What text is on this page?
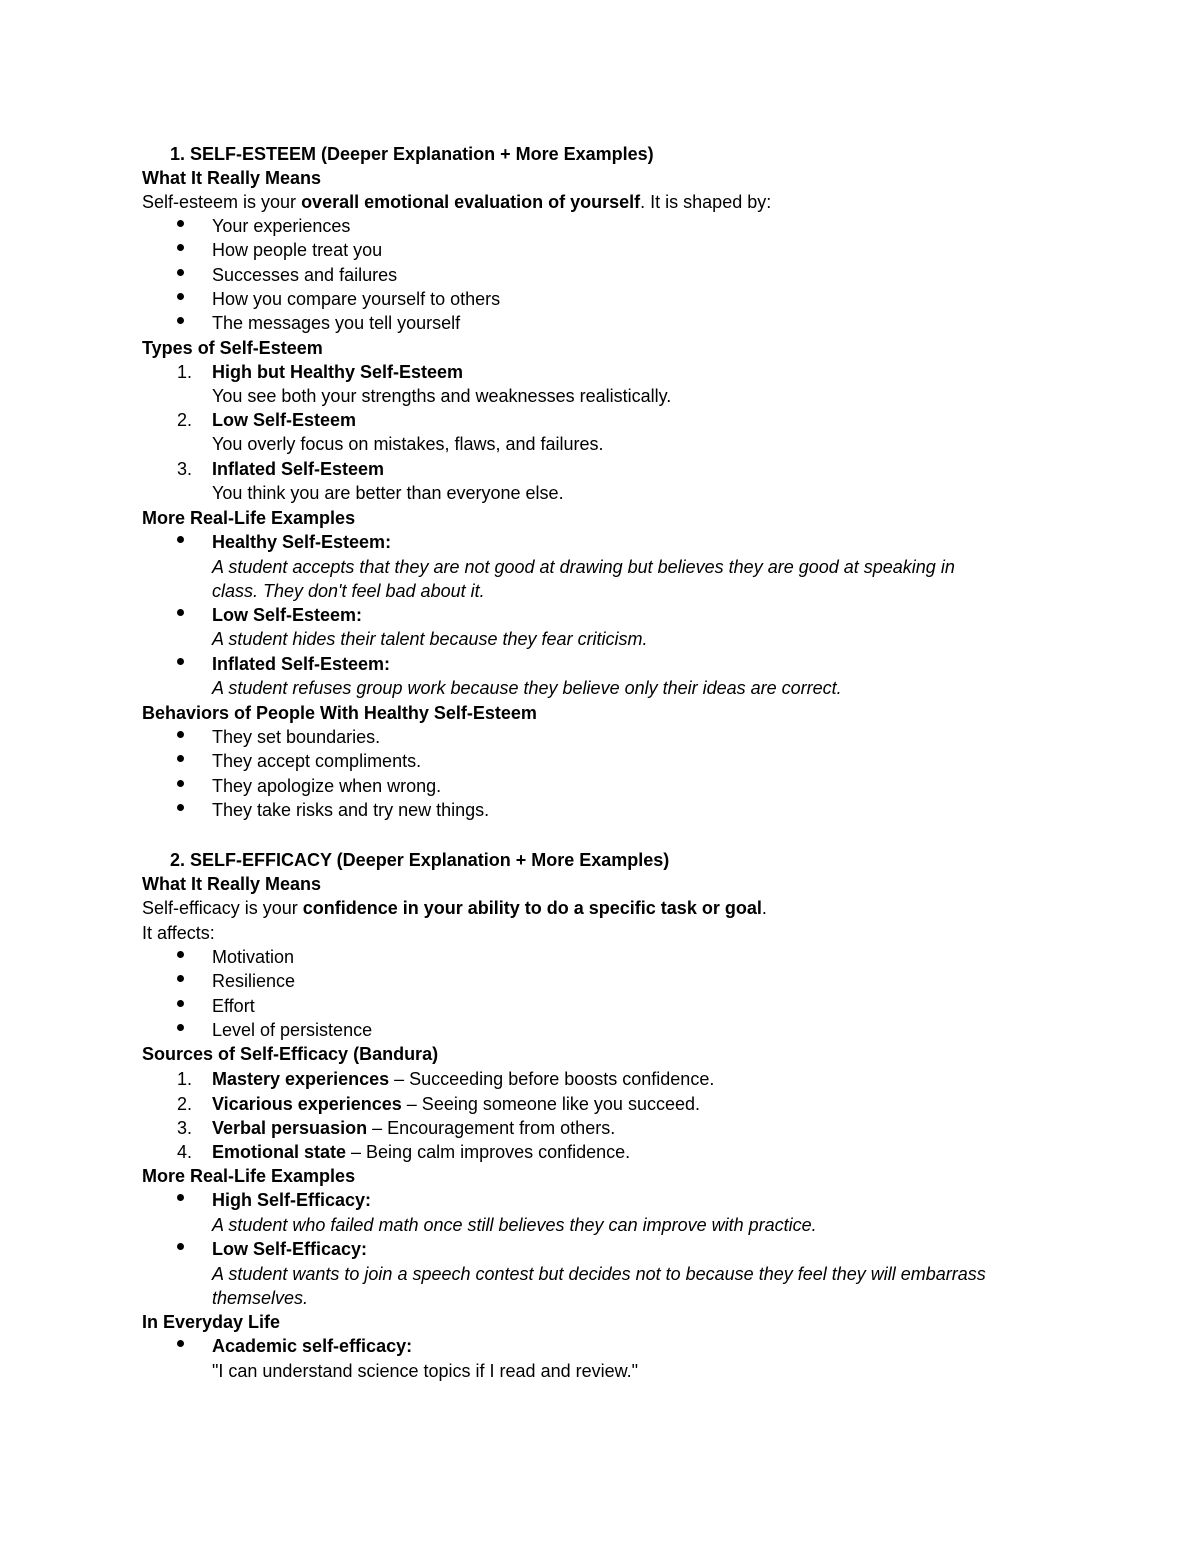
1. SELF-ESTEEM (Deeper Explanation + More Examples)
What It Really Means
Self-esteem is your overall emotional evaluation of yourself. It is shaped by:
Your experiences
How people treat you
Successes and failures
How you compare yourself to others
The messages you tell yourself
Types of Self-Esteem
1. High but Healthy Self-Esteem
You see both your strengths and weaknesses realistically.
2. Low Self-Esteem
You overly focus on mistakes, flaws, and failures.
3. Inflated Self-Esteem
You think you are better than everyone else.
More Real-Life Examples
Healthy Self-Esteem:
A student accepts that they are not good at drawing but believes they are good at speaking in
class. They don't feel bad about it.
Low Self-Esteem:
A student hides their talent because they fear criticism.
Inflated Self-Esteem:
A student refuses group work because they believe only their ideas are correct.
Behaviors of People With Healthy Self-Esteem
They set boundaries.
They accept compliments.
They apologize when wrong.
They take risks and try new things.
2. SELF-EFFICACY (Deeper Explanation + More Examples)
What It Really Means
Self-efficacy is your confidence in your ability to do a specific task or goal.
It affects:
Motivation
Resilience
Effort
Level of persistence
Sources of Self-Efficacy (Bandura)
1. Mastery experiences – Succeeding before boosts confidence.
2. Vicarious experiences – Seeing someone like you succeed.
3. Verbal persuasion – Encouragement from others.
4. Emotional state – Being calm improves confidence.
More Real-Life Examples
High Self-Efficacy:
A student who failed math once still believes they can improve with practice.
Low Self-Efficacy:
A student wants to join a speech contest but decides not to because they feel they will embarrass
themselves.
In Everyday Life
Academic self-efficacy:
"I can understand science topics if I read and review."
